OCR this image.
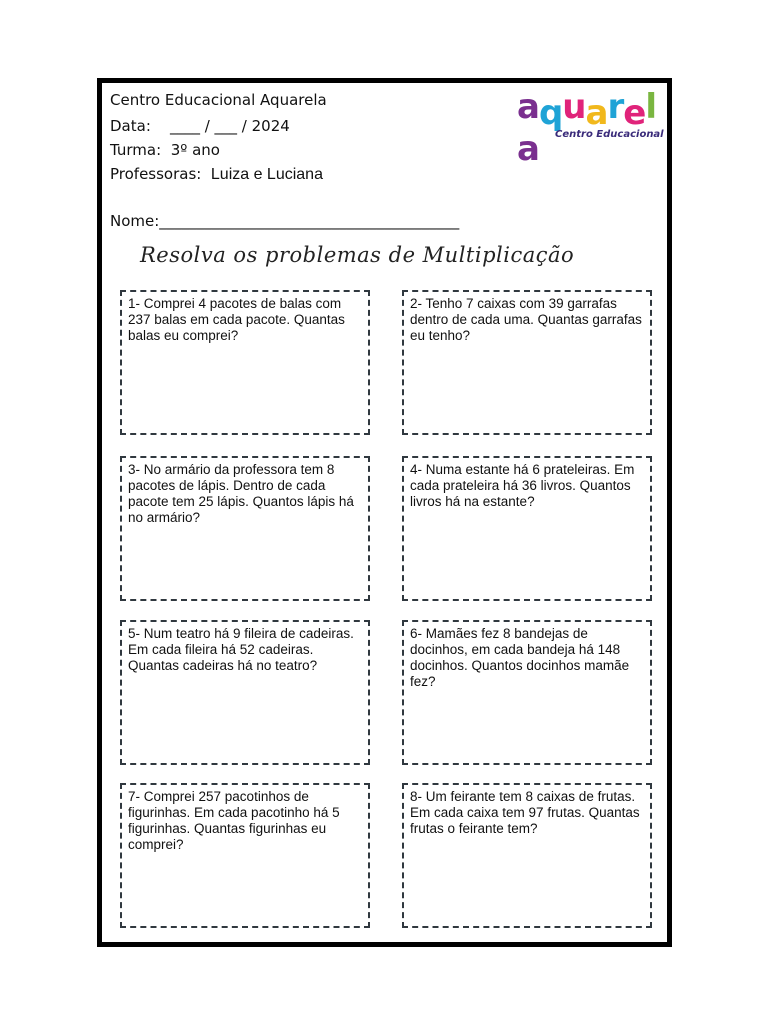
Centro Educacional Aquarela
Data: ____ / ___ / 2024
Turma: 3º ano
Professoras: Luiza e Luciana
Nome:________________________________________
aquarela	Centro Educacional
Resolva os problemas de Multiplicação

1- Comprei 4 pacotes de balas com 237 balas em cada pacote. Quantas balas eu comprei?

2- Tenho 7 caixas com 39 garrafas dentro de cada uma. Quantas garrafas eu tenho?

3- No armário da professora tem 8 pacotes de lápis. Dentro de cada pacote tem 25 lápis. Quantos lápis há no armário?

4- Numa estante há 6 prateleiras. Em cada prateleira há 36 livros. Quantos livros há na estante?

5- Num teatro há 9 fileira de cadeiras. Em cada fileira há 52 cadeiras. Quantas cadeiras há no teatro?

6- Mamães fez 8 bandejas de docinhos, em cada bandeja há 148 docinhos. Quantos docinhos mamãe fez?

7- Comprei 257 pacotinhos de figurinhas. Em cada pacotinho há 5 figurinhas. Quantas figurinhas eu comprei?

8- Um feirante tem 8 caixas de frutas. Em cada caixa tem 97 frutas. Quantas frutas o feirante tem?
